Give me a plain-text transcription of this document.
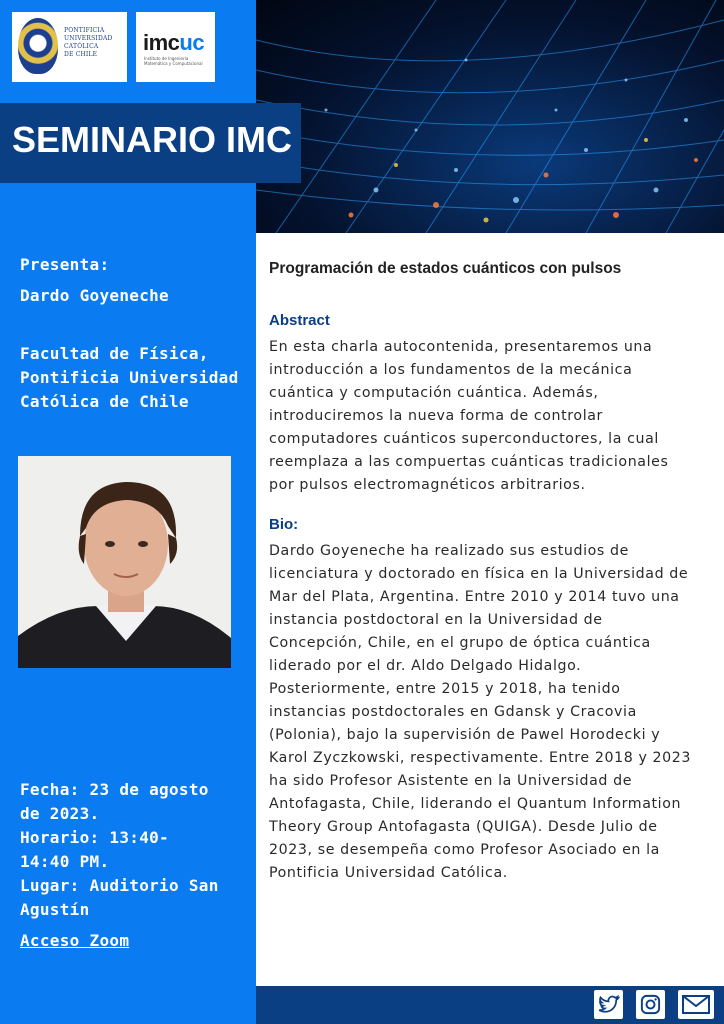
PONTIFICIA
UNIVERSIDAD
CATÓLICA
DE CHILE	imcuc
Instituto de Ingeniería Matemática y Computacional
SEMINARIO IMC
Presenta:
Dardo Goyeneche
Facultad de Física,
Pontificia Universidad
Católica de Chile
Fecha: 23 de agosto
de 2023.
Horario: 13:40-
14:40 PM.
Lugar: Auditorio San
Agustín
Acceso Zoom
Programación de estados cuánticos con pulsos
Abstract
En esta charla autocontenida, presentaremos una
introducción a los fundamentos de la mecánica
cuántica y computación cuántica. Además,
introduciremos la nueva forma de controlar
computadores cuánticos superconductores, la cual
reemplaza a las compuertas cuánticas tradicionales
por pulsos electromagnéticos arbitrarios.
Bio:
Dardo Goyeneche ha realizado sus estudios de
licenciatura y doctorado en física en la Universidad de
Mar del Plata, Argentina. Entre 2010 y 2014 tuvo una
instancia postdoctoral en la Universidad de
Concepción, Chile, en el grupo de óptica cuántica
liderado por el dr. Aldo Delgado Hidalgo.
Posteriormente, entre 2015 y 2018, ha tenido
instancias postdoctorales en Gdansk y Cracovia
(Polonia), bajo la supervisión de Pawel Horodecki y
Karol Zyczkowski, respectivamente. Entre 2018 y 2023
ha sido Profesor Asistente en la Universidad de
Antofagasta, Chile, liderando el Quantum Information
Theory Group Antofagasta (QUIGA). Desde Julio de
2023, se desempeña como Profesor Asociado en la
Pontificia Universidad Católica.
